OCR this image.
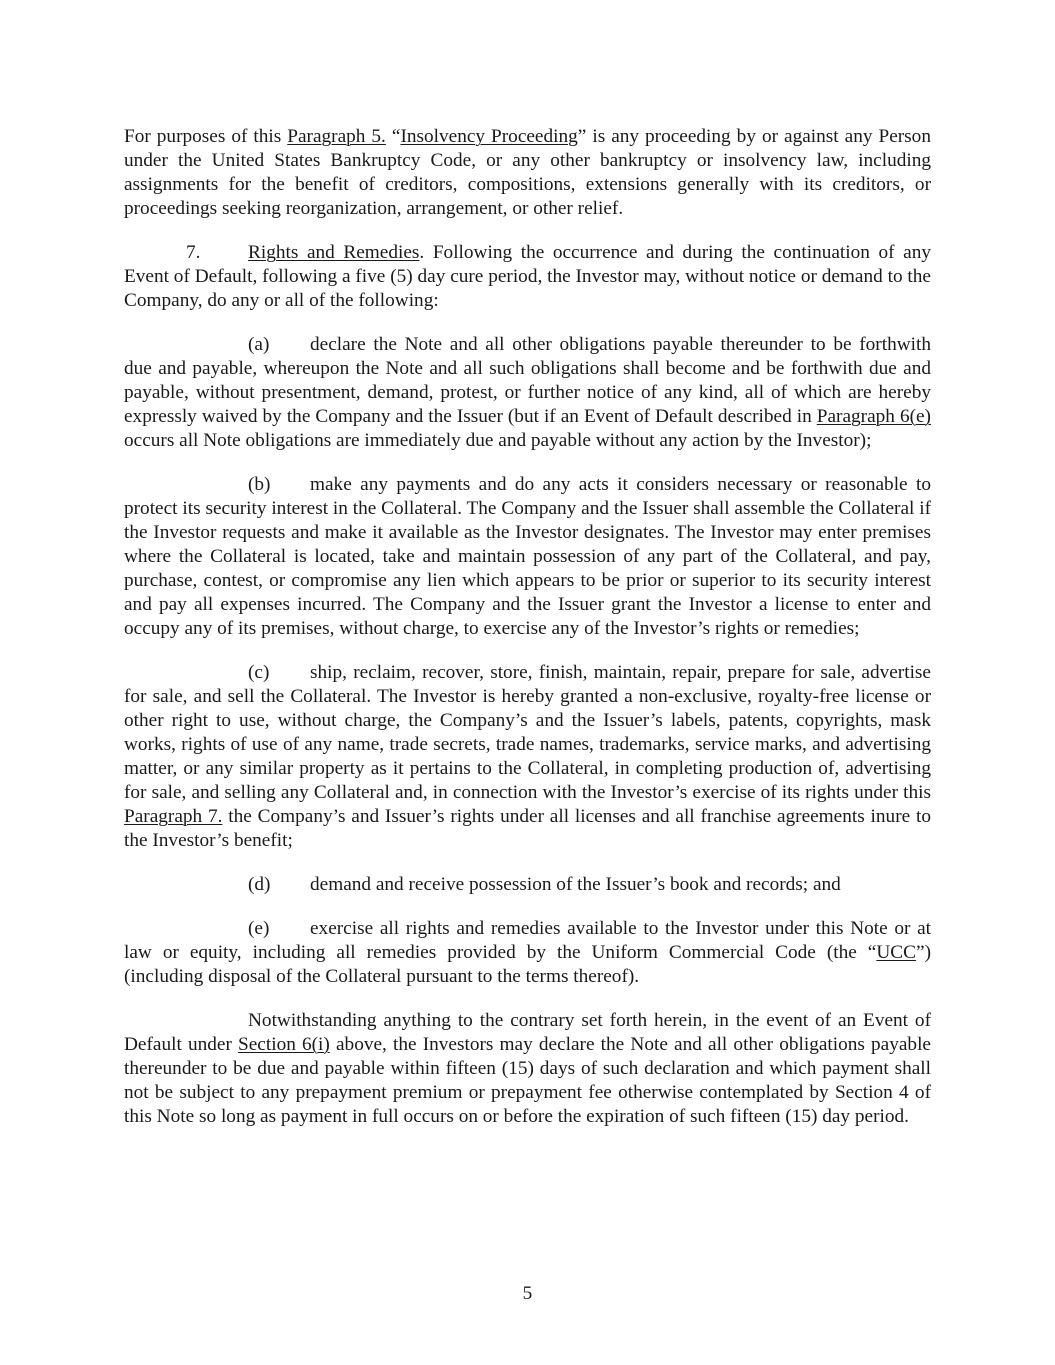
For purposes of this Paragraph 5. “Insolvency Proceeding” is any proceeding by or against any Person under the United States Bankruptcy Code, or any other bankruptcy or insolvency law, including assignments for the benefit of creditors, compositions, extensions generally with its creditors, or proceedings seeking reorganization, arrangement, or other relief.

7. Rights and Remedies. Following the occurrence and during the continuation of any Event of Default, following a five (5) day cure period, the Investor may, without notice or demand to the Company, do any or all of the following:

(a) declare the Note and all other obligations payable thereunder to be forthwith due and payable, whereupon the Note and all such obligations shall become and be forthwith due and payable, without presentment, demand, protest, or further notice of any kind, all of which are hereby expressly waived by the Company and the Issuer (but if an Event of Default described in Paragraph 6(e) occurs all Note obligations are immediately due and payable without any action by the Investor);

(b) make any payments and do any acts it considers necessary or reasonable to protect its security interest in the Collateral. The Company and the Issuer shall assemble the Collateral if the Investor requests and make it available as the Investor designates. The Investor may enter premises where the Collateral is located, take and maintain possession of any part of the Collateral, and pay, purchase, contest, or compromise any lien which appears to be prior or superior to its security interest and pay all expenses incurred. The Company and the Issuer grant the Investor a license to enter and occupy any of its premises, without charge, to exercise any of the Investor’s rights or remedies;

(c) ship, reclaim, recover, store, finish, maintain, repair, prepare for sale, advertise for sale, and sell the Collateral. The Investor is hereby granted a non-exclusive, royalty-free license or other right to use, without charge, the Company’s and the Issuer’s labels, patents, copyrights, mask works, rights of use of any name, trade secrets, trade names, trademarks, service marks, and advertising matter, or any similar property as it pertains to the Collateral, in completing production of, advertising for sale, and selling any Collateral and, in connection with the Investor’s exercise of its rights under this Paragraph 7. the Company’s and Issuer’s rights under all licenses and all franchise agreements inure to the Investor’s benefit;

(d) demand and receive possession of the Issuer’s book and records; and

(e) exercise all rights and remedies available to the Investor under this Note or at law or equity, including all remedies provided by the Uniform Commercial Code (the “UCC”) (including disposal of the Collateral pursuant to the terms thereof).

Notwithstanding anything to the contrary set forth herein, in the event of an Event of Default under Section 6(i) above, the Investors may declare the Note and all other obligations payable thereunder to be due and payable within fifteen (15) days of such declaration and which payment shall not be subject to any prepayment premium or prepayment fee otherwise contemplated by Section 4 of this Note so long as payment in full occurs on or before the expiration of such fifteen (15) day period.

5
